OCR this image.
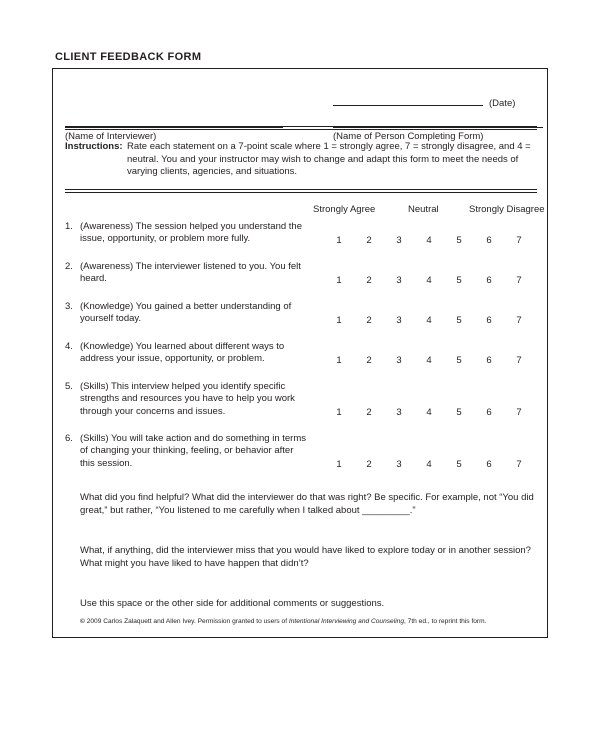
CLIENT FEEDBACK FORM
(Date)
(Name of Interviewer)	(Name of Person Completing Form)
Instructions: Rate each statement on a 7-point scale where 1 = strongly agree, 7 = strongly disagree, and 4 = neutral. You and your instructor may wish to change and adapt this form to meet the needs of varying clients, agencies, and situations.
Strongly Agree	Neutral	Strongly Disagree
1. (Awareness) The session helped you understand the issue, opportunity, or problem more fully.	1	2	3	4	5	6	7
2. (Awareness) The interviewer listened to you. You felt heard.	1	2	3	4	5	6	7
3. (Knowledge) You gained a better understanding of yourself today.	1	2	3	4	5	6	7
4. (Knowledge) You learned about different ways to address your issue, opportunity, or problem.	1	2	3	4	5	6	7
5. (Skills) This interview helped you identify specific strengths and resources you have to help you work through your concerns and issues.	1	2	3	4	5	6	7
6. (Skills) You will take action and do something in terms of changing your thinking, feeling, or behavior after this session.	1	2	3	4	5	6	7
What did you find helpful? What did the interviewer do that was right? Be specific. For example, not “You did great,” but rather, “You listened to me carefully when I talked about _________.”
What, if anything, did the interviewer miss that you would have liked to explore today or in another session? What might you have liked to have happen that didn’t?
Use this space or the other side for additional comments or suggestions.
© 2009 Carlos Zalaquett and Allen Ivey. Permission granted to users of Intentional Interviewing and Counseling, 7th ed., to reprint this form.
